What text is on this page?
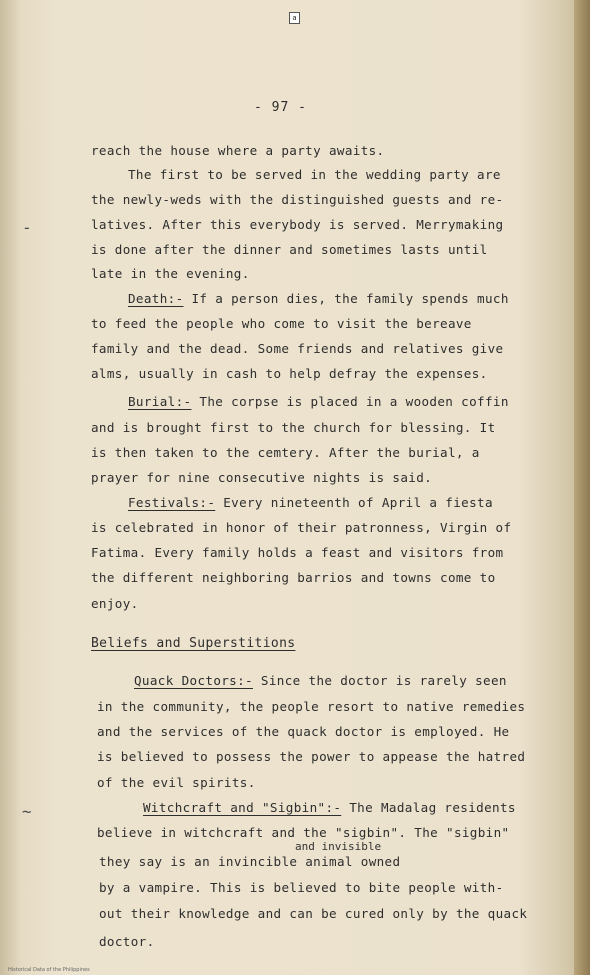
a
-
~
- 97 -
reach the house where a party awaits.
The first to be served in the wedding party are
the newly-weds with the distinguished guests and re-
latives. After this everybody is served. Merrymaking
is done after the dinner and sometimes lasts until
late in the evening.
Death:- If a person dies, the family spends much
to feed the people who come to visit the bereave
family and the dead. Some friends and relatives give
alms, usually in cash to help defray the expenses.
Burial:- The corpse is placed in a wooden coffin
and is brought first to the church for blessing. It
is then taken to the cemtery. After the burial, a
prayer for nine consecutive nights is said.
Festivals:- Every nineteenth of April a fiesta
is celebrated in honor of their patronness, Virgin of
Fatima. Every family holds a feast and visitors from
the different neighboring barrios and towns come to
enjoy.
Beliefs and Superstitions
Quack Doctors:- Since the doctor is rarely seen
in the community, the people resort to native remedies
and the services of the quack doctor is employed. He
is believed to possess the power to appease the hatred
of the evil spirits.
Witchcraft and "Sigbin":- The Madalag residents
believe in witchcraft and the "sigbin". The "sigbin"
and invisible
they say is an invincible animal owned
by a vampire. This is believed to bite people with-
out their knowledge and can be cured only by the quack
doctor.
Historical Data of the Philippines
